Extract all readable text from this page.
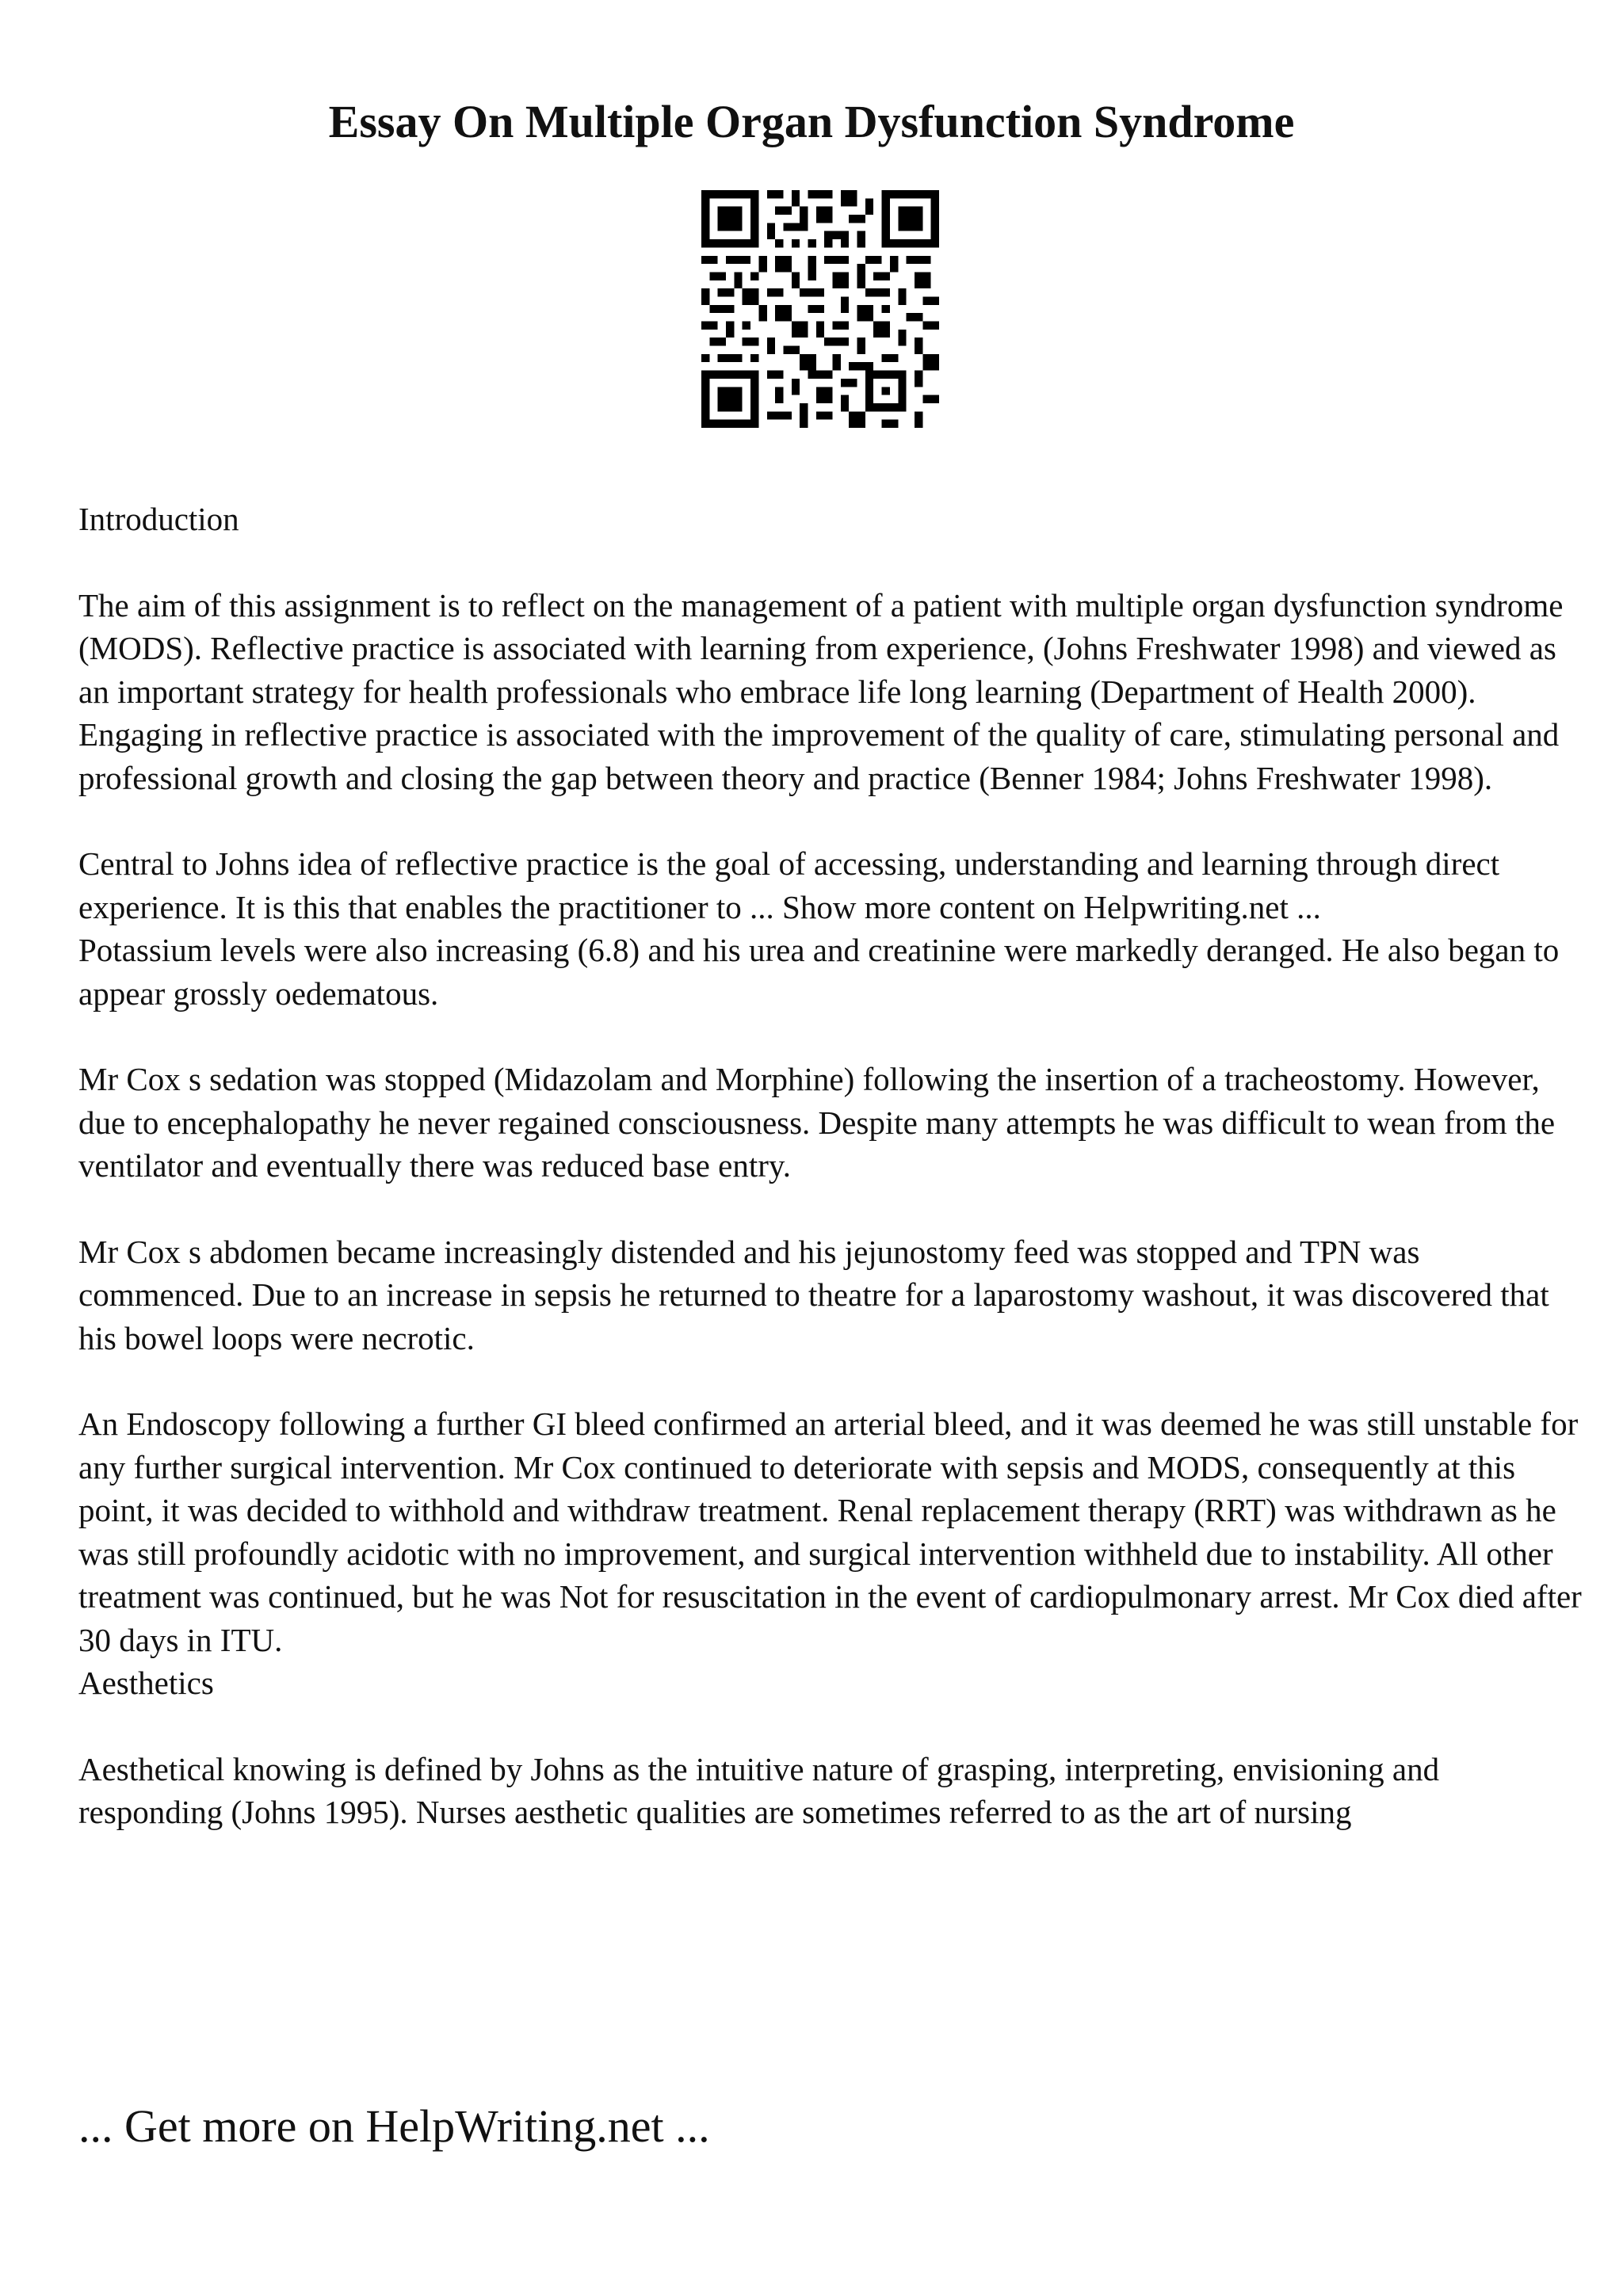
Essay On Multiple Organ Dysfunction Syndrome

Introduction

The aim of this assignment is to reflect on the management of a patient with multiple organ dysfunction syndrome (MODS). Reflective practice is associated with learning from experience, (Johns Freshwater 1998) and viewed as an important strategy for health professionals who embrace life long learning (Department of Health 2000). Engaging in reflective practice is associated with the improvement of the quality of care, stimulating personal and professional growth and closing the gap between theory and practice (Benner 1984; Johns Freshwater 1998).

Central to Johns idea of reflective practice is the goal of accessing, understanding and learning through direct experience. It is this that enables the practitioner to ... Show more content on Helpwriting.net ...

Potassium levels were also increasing (6.8) and his urea and creatinine were markedly deranged. He also began to appear grossly oedematous.

Mr Cox s sedation was stopped (Midazolam and Morphine) following the insertion of a tracheostomy. However, due to encephalopathy he never regained consciousness. Despite many attempts he was difficult to wean from the ventilator and eventually there was reduced base entry.

Mr Cox s abdomen became increasingly distended and his jejunostomy feed was stopped and TPN was commenced. Due to an increase in sepsis he returned to theatre for a laparostomy washout, it was discovered that his bowel loops were necrotic.

An Endoscopy following a further GI bleed confirmed an arterial bleed, and it was deemed he was still unstable for any further surgical intervention. Mr Cox continued to deteriorate with sepsis and MODS, consequently at this point, it was decided to withhold and withdraw treatment. Renal replacement therapy (RRT) was withdrawn as he was still profoundly acidotic with no improvement, and surgical intervention withheld due to instability. All other treatment was continued, but he was Not for resuscitation in the event of cardiopulmonary arrest. Mr Cox died after 30 days in ITU.

Aesthetics

Aesthetical knowing is defined by Johns as the intuitive nature of grasping, interpreting, envisioning and responding (Johns 1995). Nurses aesthetic qualities are sometimes referred to as the art of nursing

... Get more on HelpWriting.net ...
